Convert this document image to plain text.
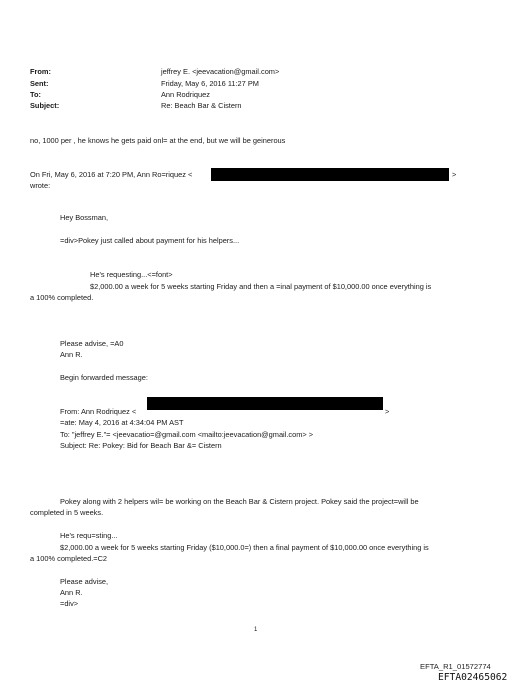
From:
Sent:
To:
Subject:
jeffrey E. <jeevacation@gmail.com>
Friday, May 6, 2016 11:27 PM
Ann Rodriquez
Re: Beach Bar & Cistern
no, 1000 per , he knows he gets paid onl= at the end, but we will be geinerous
On Fri, May 6, 2016 at 7:20 PM, Ann Ro=riquez <	>
wrote:
Hey Bossman,
=div>Pokey just called about payment for his helpers...
He's requesting...<=font>
$2,000.00 a week for 5 weeks starting Friday and then a =inal payment of $10,000.00 once everything is
a 100% completed.
Please advise, =A0
Ann R.
Begin forwarded message:
From: Ann Rodriquez <	>
=ate: May 4, 2016 at 4:34:04 PM AST
To: "jeffrey E."= <jeevacatio=@gmail.com <mailto:jeevacation@gmail.com> >
Subject: Re: Pokey: Bid for Beach Bar &= Cistern
Pokey along with 2 helpers wil= be working on the Beach Bar & Cistern project. Pokey said the project=will be
completed in 5 weeks.
He's requ=sting...
$2,000.00 a week for 5 weeks starting Friday ($10,000.0=) then a final payment of $10,000.00 once everything is
a 100% completed.=C2
Please advise,
Ann R.
=div>
1
EFTA_R1_01572774
EFTA02465062
